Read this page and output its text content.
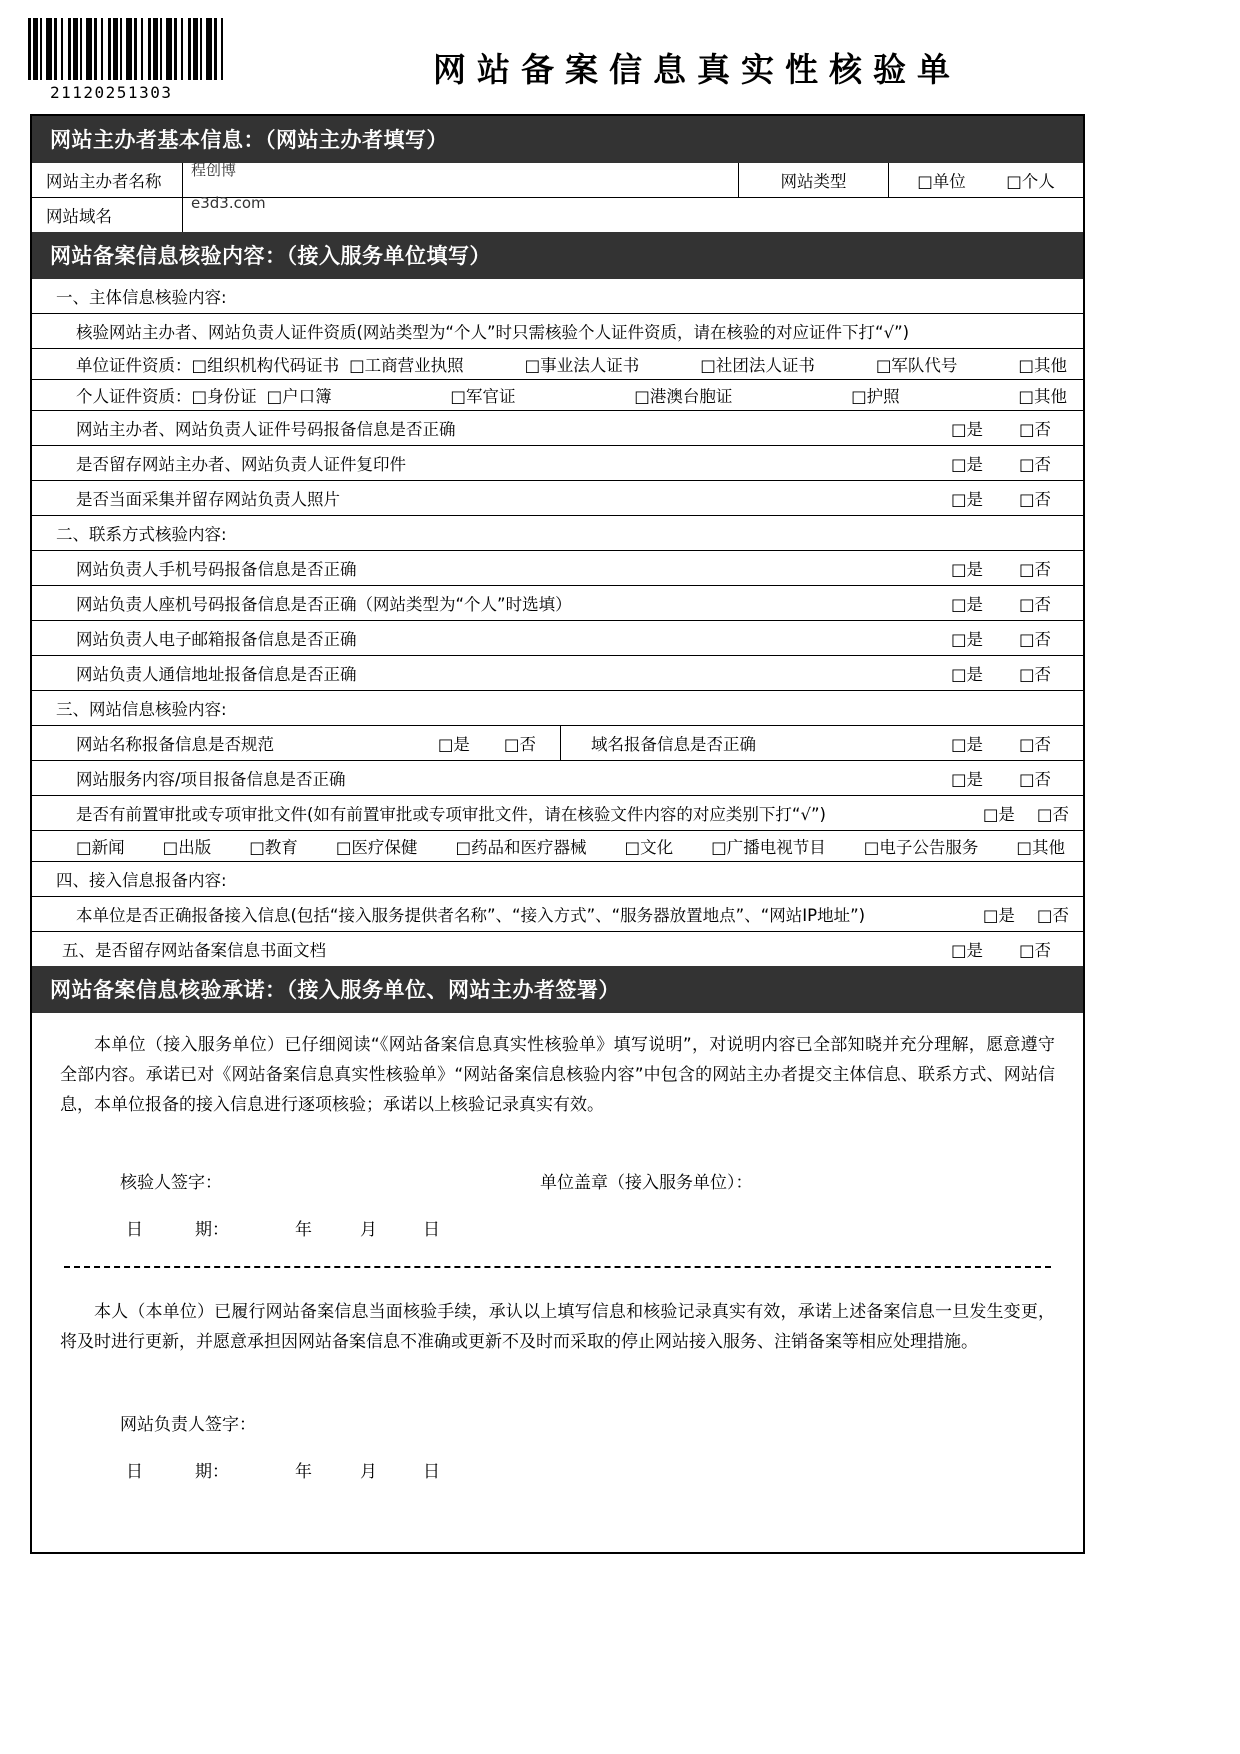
21120251303
网站备案信息真实性核验单
网站主办者基本信息：（网站主办者填写）
网站主办者名称
程创博
网站类型	□单位 □个人
网站域名
e3d3.com
网站备案信息核验内容：（接入服务单位填写）
一、主体信息核验内容:
核验网站主办者、网站负责人证件资质(网站类型为“个人”时只需核验个人证件资质，请在核验的对应证件下打“√”)
单位证件资质：□组织机构代码证书 □工商营业执照	□事业法人证书	□社团法人证书	□军队代号	□其他
个人证件资质：□身份证 □户口簿	□军官证	□港澳台胞证	□护照	□其他
网站主办者、网站负责人证件号码报备信息是否正确	□是 □否
是否留存网站主办者、网站负责人证件复印件	□是 □否
是否当面采集并留存网站负责人照片	□是 □否
二、联系方式核验内容:
网站负责人手机号码报备信息是否正确	□是 □否
网站负责人座机号码报备信息是否正确（网站类型为“个人”时选填）	□是 □否
网站负责人电子邮箱报备信息是否正确	□是 □否
网站负责人通信地址报备信息是否正确	□是 □否
三、网站信息核验内容:
网站名称报备信息是否规范	□是 □否	域名报备信息是否正确	□是 □否
网站服务内容/项目报备信息是否正确	□是 □否
是否有前置审批或专项审批文件(如有前置审批或专项审批文件，请在核验文件内容的对应类别下打“√”)	□是 □否
□新闻 □出版 □教育 □医疗保健 □药品和医疗器械 □文化 □广播电视节目 □电子公告服务 □其他
四、接入信息报备内容:
本单位是否正确报备接入信息(包括“接入服务提供者名称”、“接入方式”、“服务器放置地点”、“网站IP地址”)	□是 □否
五、是否留存网站备案信息书面文档	□是 □否
网站备案信息核验承诺：（接入服务单位、网站主办者签署）

本单位（接入服务单位）已仔细阅读“《网站备案信息真实性核验单》填写说明”，对说明内容已全部知晓并充分理解，愿意遵守全部内容。承诺已对《网站备案信息真实性核验单》“网站备案信息核验内容”中包含的网站主办者提交主体信息、联系方式、网站信息，本单位报备的接入信息进行逐项核验；承诺以上核验记录真实有效。

核验人签字：	单位盖章（接入服务单位）：
日	期：	年	月	日

本人（本单位）已履行网站备案信息当面核验手续，承认以上填写信息和核验记录真实有效，承诺上述备案信息一旦发生变更，将及时进行更新，并愿意承担因网站备案信息不准确或更新不及时而采取的停止网站接入服务、注销备案等相应处理措施。

网站负责人签字：
日	期：	年	月	日
